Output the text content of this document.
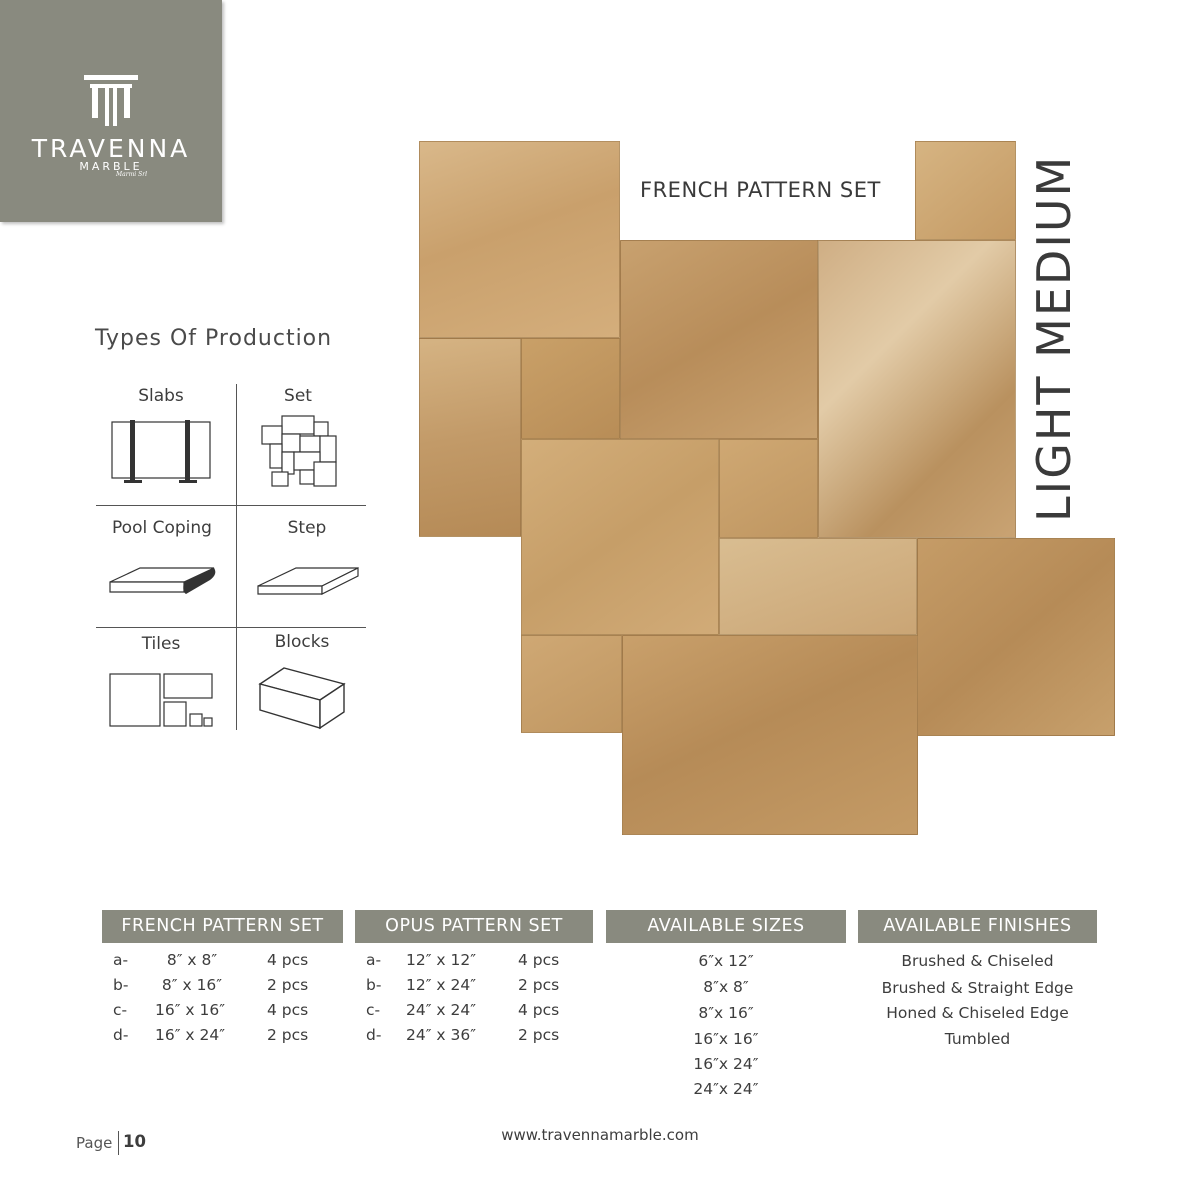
TRAVENNA
MARBLE
Marmi Srl
Types Of Production
Slabs	Set
Pool Coping	Step
Tiles	Blocks
FRENCH PATTERN SET	LIGHT MEDIUM
FRENCH PATTERN SET	OPUS PATTERN SET	AVAILABLE SIZES	AVAILABLE FINISHES
a-	8″ x 8″	4 pcs
b-	8″ x 16″	2 pcs
c-	16″ x 16″	4 pcs
d-	16″ x 24″	2 pcs
a-	12″ x 12″	4 pcs
b-	12″ x 24″	2 pcs
c-	24″ x 24″	4 pcs
d-	24″ x 36″	2 pcs
6″x 12″
8″x 8″
8″x 16″
16″x 16″
16″x 24″
24″x 24″
Brushed & Chiseled
Brushed & Straight Edge
Honed & Chiseled Edge
Tumbled
Page 10	www.travennamarble.com
